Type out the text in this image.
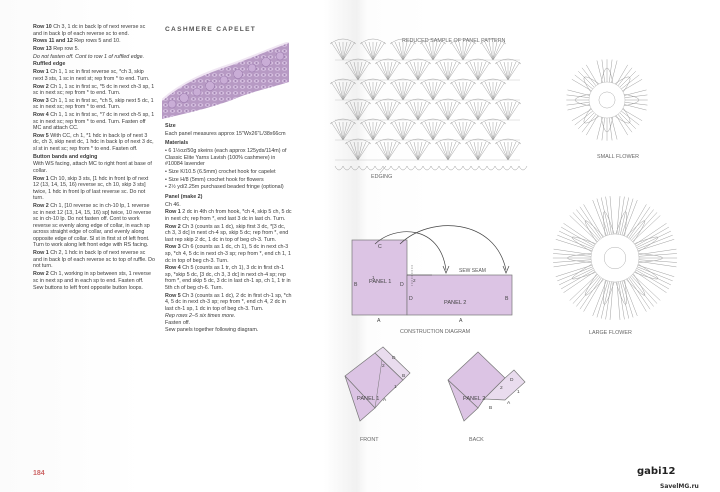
Row 10 Ch 3, 1 dc in back lp of next reverse sc and in back lp of each reverse sc to end.

Rows 11 and 12 Rep rows 5 and 10.

Row 13 Rep row 5.

Do not fasten off. Cont to row 1 of ruffled edge.

Ruffled edge

Row 1 Ch 1, 1 sc in first reverse sc, *ch 3, skip next 3 sts, 1 sc in next st; rep from * to end. Turn.

Row 2 Ch 1, 1 sc in first sc, *5 dc in next ch-3 sp, 1 sc in next sc; rep from * to end. Turn.

Row 3 Ch 1, 1 sc in first sc, *ch 5, skip next 5 dc, 1 sc in next sc; rep from * to end. Turn.

Row 4 Ch 1, 1 sc in first sc, *7 dc in next ch-5 sp, 1 sc in next sc; rep from * to end. Turn. Fasten off MC and attach CC.

Row 5 With CC, ch 1, *1 hdc in back lp of next 3 dc, ch 3, skip next dc, 1 hdc in back lp of next 3 dc, sl st in next sc; rep from * to end. Fasten off.

Button bands and edging

With WS facing, attach MC to right front at base of collar.

Row 1 Ch 10, skip 3 sts, [1 hdc in front lp of next 12 (13, 14, 15, 16) reverse sc, ch 10, skip 3 sts] twice, 1 hdc in front lp of last reverse sc. Do not turn.

Row 2 Ch 1, [10 reverse sc in ch-10 lp, 1 reverse sc in next 12 (13, 14, 15, 16) sp] twice, 10 reverse sc in ch-10 lp. Do not fasten off. Cont to work reverse sc evenly along edge of collar, in each sp across straight edge of collar, and evenly along opposite edge of collar. Sl st in first st of left front. Turn to work along left front edge with RS facing.

Row 1 Ch 2, 1 hdc in back lp of next reverse sc and in back lp of each reverse sc to top of ruffle. Do not turn.

Row 2 Ch 1, working in sp between sts, 1 reverse sc in next sp and in each sp to end. Fasten off.

Sew buttons to left front opposite button loops.

CASHMERE CAPELET

Size

Each panel measures approx 15"Wx26"L/38x66cm

Materials

• 6 1½oz/50g skeins (each approx 125yds/114m) of Classic Elite Yarns Lavish (100% cashmere) in #10084 lavender

• Size K/10.5 (6.5mm) crochet hook for capelet

• Size H/8 (5mm) crochet hook for flowers

• 2½ yd/2.25m purchased beaded fringe (optional)

Panel (make 2)

Ch 46.

Row 1 2 dc in 4th ch from hook, *ch 4, skip 5 ch, 5 dc in next ch; rep from *, end last 3 dc in last ch. Turn.

Row 2 Ch 3 (counts as 1 dc), skip first 3 dc, *[3 dc, ch 3, 3 dc] in next ch-4 sp, skip 5 dc; rep from *, end last rep skip 2 dc, 1 dc in top of beg ch-3. Turn.

Row 3 Ch 6 (counts as 1 dc, ch 1), 5 dc in next ch-3 sp, *ch 4, 5 dc in next ch-3 sp; rep from *, end ch 1, 1 dc in top of beg ch-3. Turn.

Row 4 Ch 5 (counts as 1 tr, ch 1), 3 dc in first ch-1 sp, *skip 5 dc, [3 dc, ch 3, 3 dc] in next ch-4 sp; rep from *, end skip 5 dc, 3 dc in last ch-1 sp, ch 1, 1 tr in 5th ch of beg ch-6. Turn.

Row 5 Ch 3 (counts as 1 dc), 2 dc in first ch-1 sp, *ch 4, 5 dc in next ch-3 sp; rep from *, end ch 4, 2 dc in last ch-1 sp, 1 dc in top of beg ch-3. Turn.

Rep rows 2–5 six times more.

Fasten off.

Sew panels together following diagram.

REDUCED SAMPLE OF PANEL PATTERN
EDGING
SMALL FLOWER
LARGE FLOWER
SEW SEAM
PANEL 1
PANEL 2
C
B	D
D	B
A	A
1
2
CONSTRUCTION DIAGRAM
PANEL 1
2
D
B
1
A
FRONT
PANEL 2
2
D
1
A
B
BACK
184	gabi12
SavelMG.ru
